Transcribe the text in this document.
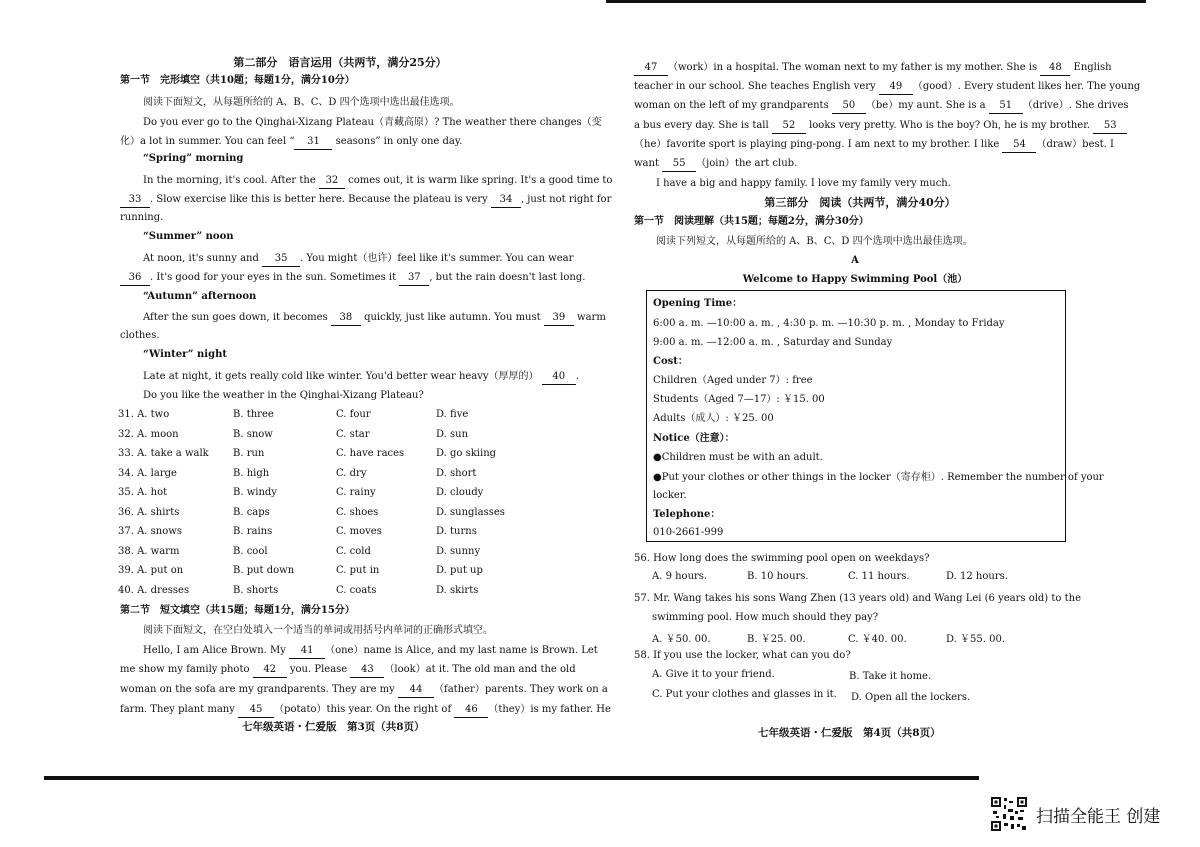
第二部分　语言运用（共两节，满分25分）
第一节　完形填空（共10题；每题1分，满分10分）
阅读下面短文，从每题所给的 A、B、C、D 四个选项中选出最佳选项。
Do you ever go to the Qinghai-Xizang Plateau（青藏高原）? The weather there changes（变
化）a lot in summer. You can feel “ 31 seasons” in only one day.
“Spring” morning
In the morning, it's cool. After the 32 comes out, it is warm like spring. It's a good time to
33 . Slow exercise like this is better here. Because the plateau is very 34 , just not right for
running.
“Summer” noon
At noon, it's sunny and 35 . You might（也许）feel like it's summer. You can wear
36 . It's good for your eyes in the sun. Sometimes it 37 , but the rain doesn't last long.
“Autumn” afternoon
After the sun goes down, it becomes 38 quickly, just like autumn. You must 39 warm
clothes.
“Winter” night
Late at night, it gets really cold like winter. You'd better wear heavy（厚厚的） 40 .
Do you like the weather in the Qinghai-Xizang Plateau?
31. A. two	B. three	C. four	D. five
32. A. moon	B. snow	C. star	D. sun
33. A. take a walk B. run	C. have races	D. go skiing
34. A. large	B. high	C. dry	D. short
35. A. hot	B. windy	C. rainy	D. cloudy
36. A. shirts	B. caps	C. shoes	D. sunglasses
37. A. snows	B. rains	C. moves	D. turns
38. A. warm	B. cool	C. cold	D. sunny
39. A. put on	B. put down	C. put in	D. put up
40. A. dresses	B. shorts	C. coats	D. skirts
第二节　短文填空（共15题；每题1分，满分15分）
阅读下面短文，在空白处填入一个适当的单词或用括号内单词的正确形式填空。
Hello, I am Alice Brown. My 41 （one）name is Alice, and my last name is Brown. Let
me show my family photo 42 you. Please 43 （look）at it. The old man and the old
woman on the sofa are my grandparents. They are my 44 （father）parents. They work on a
farm. They plant many 45 （potato）this year. On the right of 46 （they）is my father. He
七年级英语・仁爱版　第3页（共8页）
47 （work）in a hospital. The woman next to my father is my mother. She is 48 English
teacher in our school. She teaches English very 49 （good）. Every student likes her. The young
woman on the left of my grandparents 50 （be）my aunt. She is a 51 （drive）. She drives
a bus every day. She is tall 52 looks very pretty. Who is the boy? Oh, he is my brother. 53
（he）favorite sport is playing ping-pong. I am next to my brother. I like 54 （draw）best. I
want 55 （join）the art club.
I have a big and happy family. I love my family very much.
第三部分　阅读（共两节，满分40分）
第一节　阅读理解（共15题；每题2分，满分30分）
阅读下列短文，从每题所给的 A、B、C、D 四个选项中选出最佳选项。
A
Welcome to Happy Swimming Pool（池）
Opening Time：
6:00 a. m. —10:00 a. m. , 4:30 p. m. —10:30 p. m. , Monday to Friday
9:00 a. m. —12:00 a. m. , Saturday and Sunday
Cost：
Children（Aged under 7）: free
Students（Aged 7—17）: ￥15. 00
Adults（成人）: ￥25. 00
Notice（注意）：
●Children must be with an adult.
●Put your clothes or other things in the locker（寄存柜）. Remember the number of your
locker.
Telephone：
010-2661-999
56. How long does the swimming pool open on weekdays?
A. 9 hours.	B. 10 hours.	C. 11 hours.	D. 12 hours.
57. Mr. Wang takes his sons Wang Zhen (13 years old) and Wang Lei (6 years old) to the
swimming pool. How much should they pay?
A. ￥50. 00.	B. ￥25. 00.	C. ￥40. 00.	D. ￥55. 00.
58. If you use the locker, what can you do?
A. Give it to your friend.	B. Take it home.
C. Put your clothes and glasses in it. D. Open all the lockers.
七年级英语・仁爱版　第4页（共8页）
扫描全能王 创建
